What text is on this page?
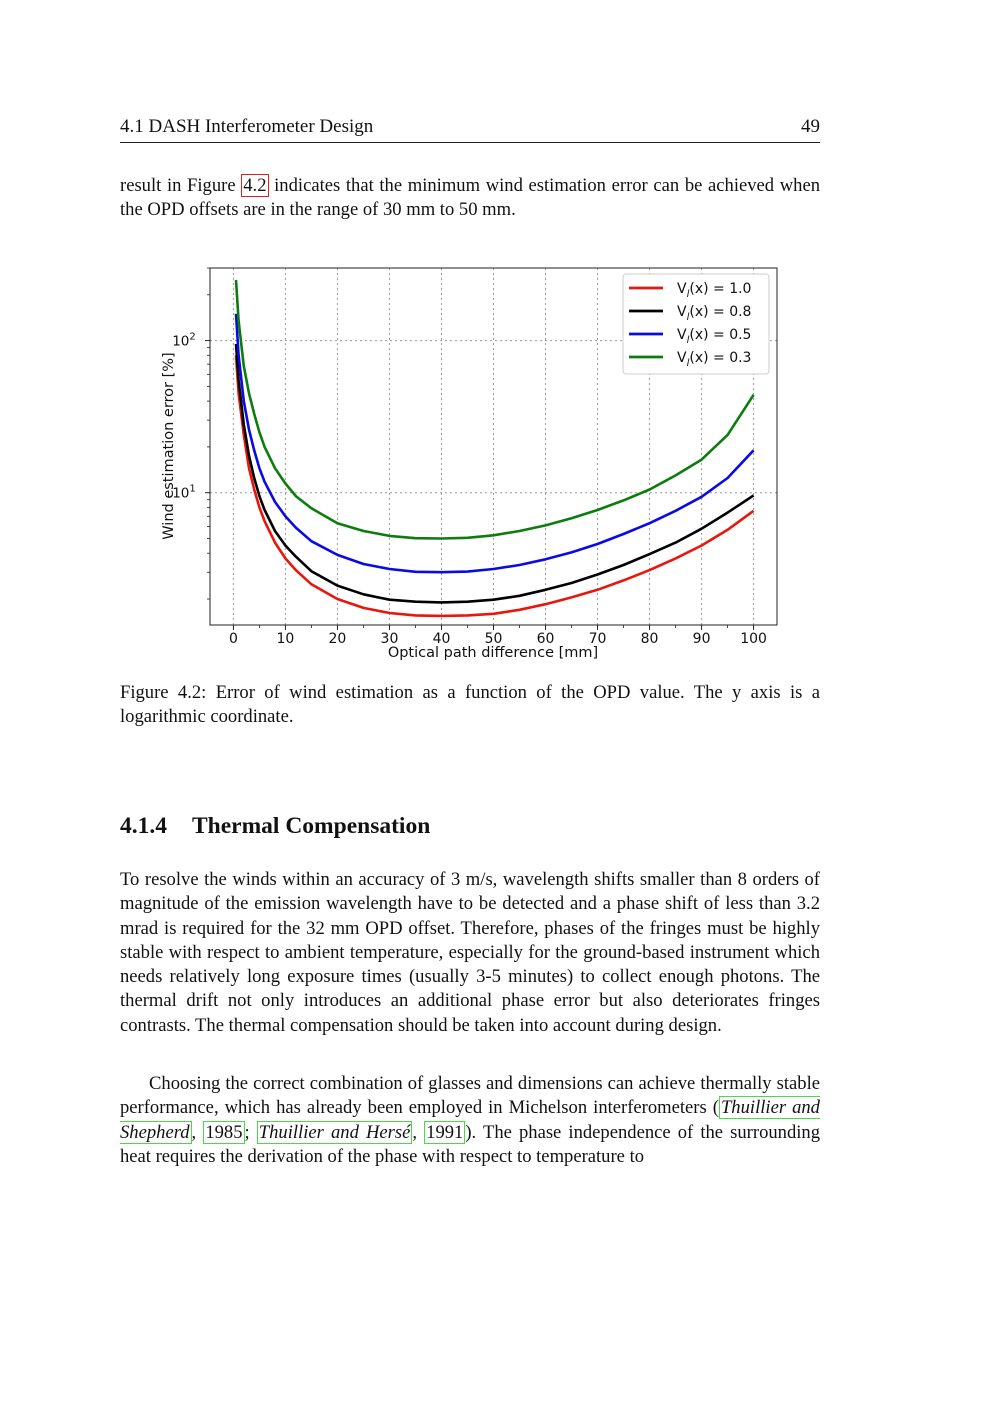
4.1 DASH Interferometer Design	49

result in Figure 4.2 indicates that the minimum wind estimation error can be achieved when the OPD offsets are in the range of 30 mm to 50 mm.

0	10 20 30 40 50 60 70 80 90 100
$10^2$
$10^1$
Optical path difference [mm]
Wind estimation error [%]
$V_l(x) = 1.0$
$V_l(x) = 0.8$
$V_l(x) = 0.5$
$V_l(x) = 0.3$

Figure 4.2: Error of wind estimation as a function of the OPD value. The y axis is a logarithmic coordinate.

4.1.4 Thermal Compensation

To resolve the winds within an accuracy of 3 m/s, wavelength shifts smaller than 8 orders of magnitude of the emission wavelength have to be detected and a phase shift of less than 3.2 mrad is required for the 32 mm OPD offset. Therefore, phases of the fringes must be highly stable with respect to ambient temperature, especially for the ground-based instrument which needs relatively long exposure times (usually 3-5 minutes) to collect enough photons. The thermal drift not only introduces an additional phase error but also deteriorates fringes contrasts. The thermal compensation should be taken into account during design.

Choosing the correct combination of glasses and dimensions can achieve thermally stable performance, which has already been employed in Michelson interferometers ( Thuillier and Shepherd , 1985 ; Thuillier and Hersé , 1991 ). The phase independence of the surrounding heat requires the derivation of the phase with respect to temperature to
